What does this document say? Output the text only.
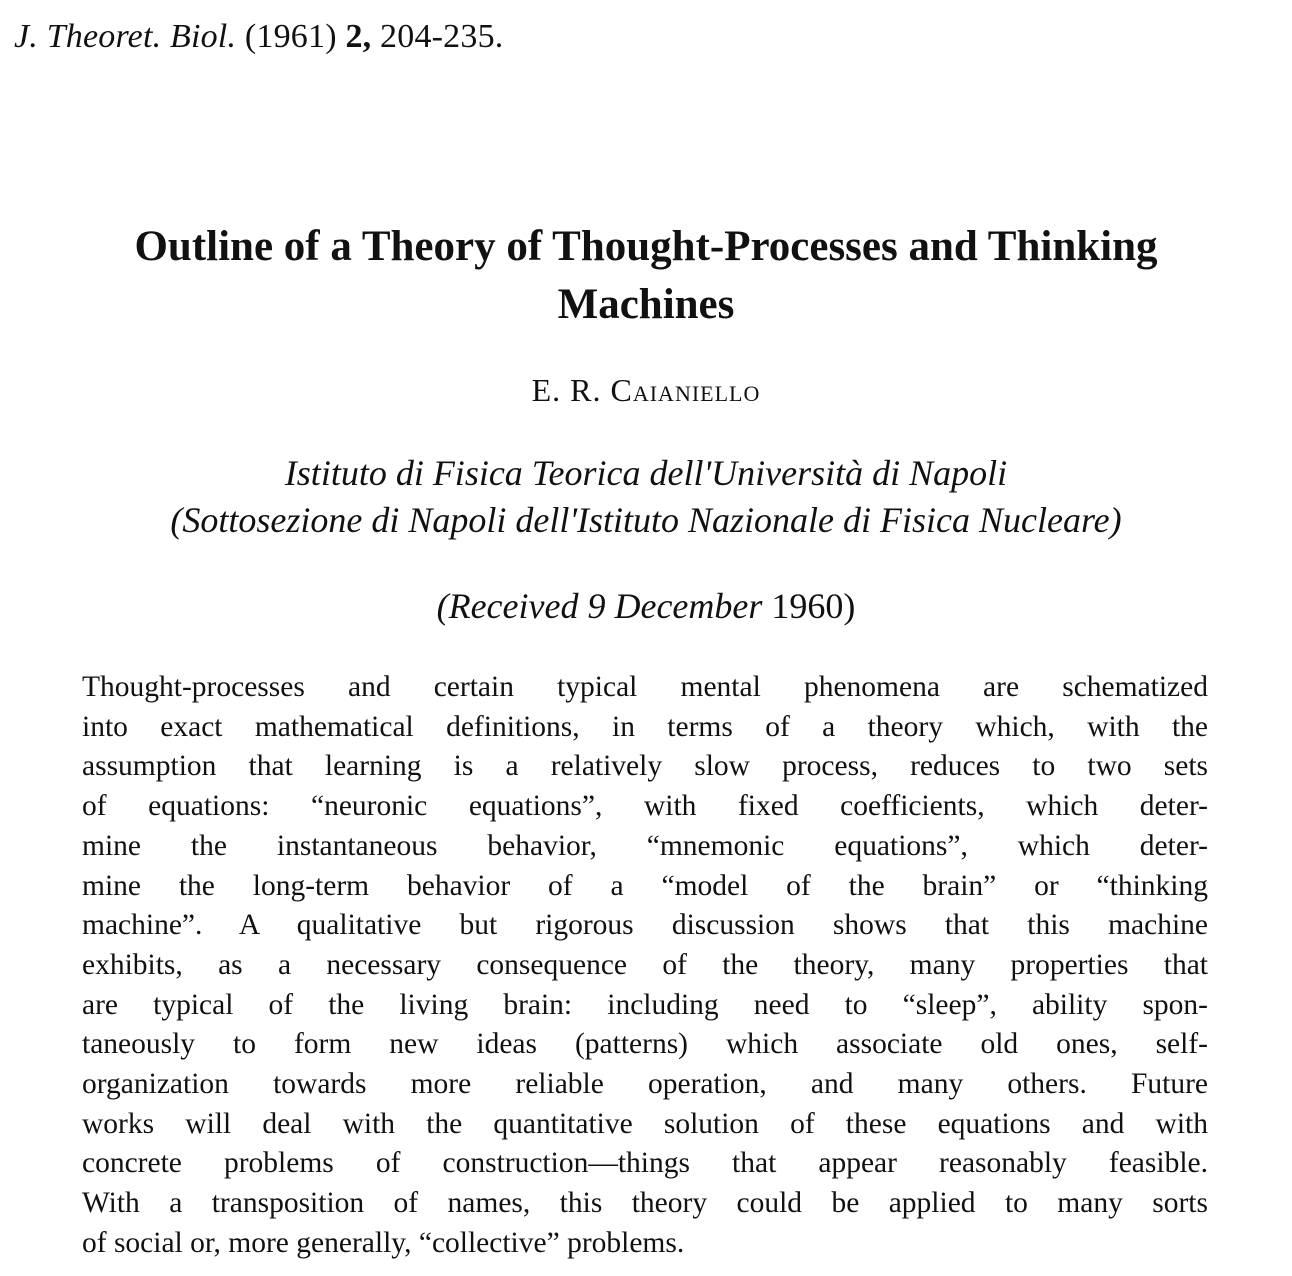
J. Theoret. Biol. (1961) 2, 204-235.
Outline of a Theory of Thought-Processes and Thinking
Machines
E. R. Caianiello
Istituto di Fisica Teorica dell'Università di Napoli
(Sottosezione di Napoli dell'Istituto Nazionale di Fisica Nucleare)
(Received 9 December 1960)
Thought-processes and certain typical mental phenomena are schematized
into exact mathematical definitions, in terms of a theory which, with the
assumption that learning is a relatively slow process, reduces to two sets
of equations: “neuronic equations”, with fixed coefficients, which deter-
mine the instantaneous behavior, “mnemonic equations”, which deter-
mine the long-term behavior of a “model of the brain” or “thinking
machine”. A qualitative but rigorous discussion shows that this machine
exhibits, as a necessary consequence of the theory, many properties that
are typical of the living brain: including need to “sleep”, ability spon-
taneously to form new ideas (patterns) which associate old ones, self-
organization towards more reliable operation, and many others. Future
works will deal with the quantitative solution of these equations and with
concrete problems of construction—things that appear reasonably feasible.
With a transposition of names, this theory could be applied to many sorts
of social or, more generally, “collective” problems.
